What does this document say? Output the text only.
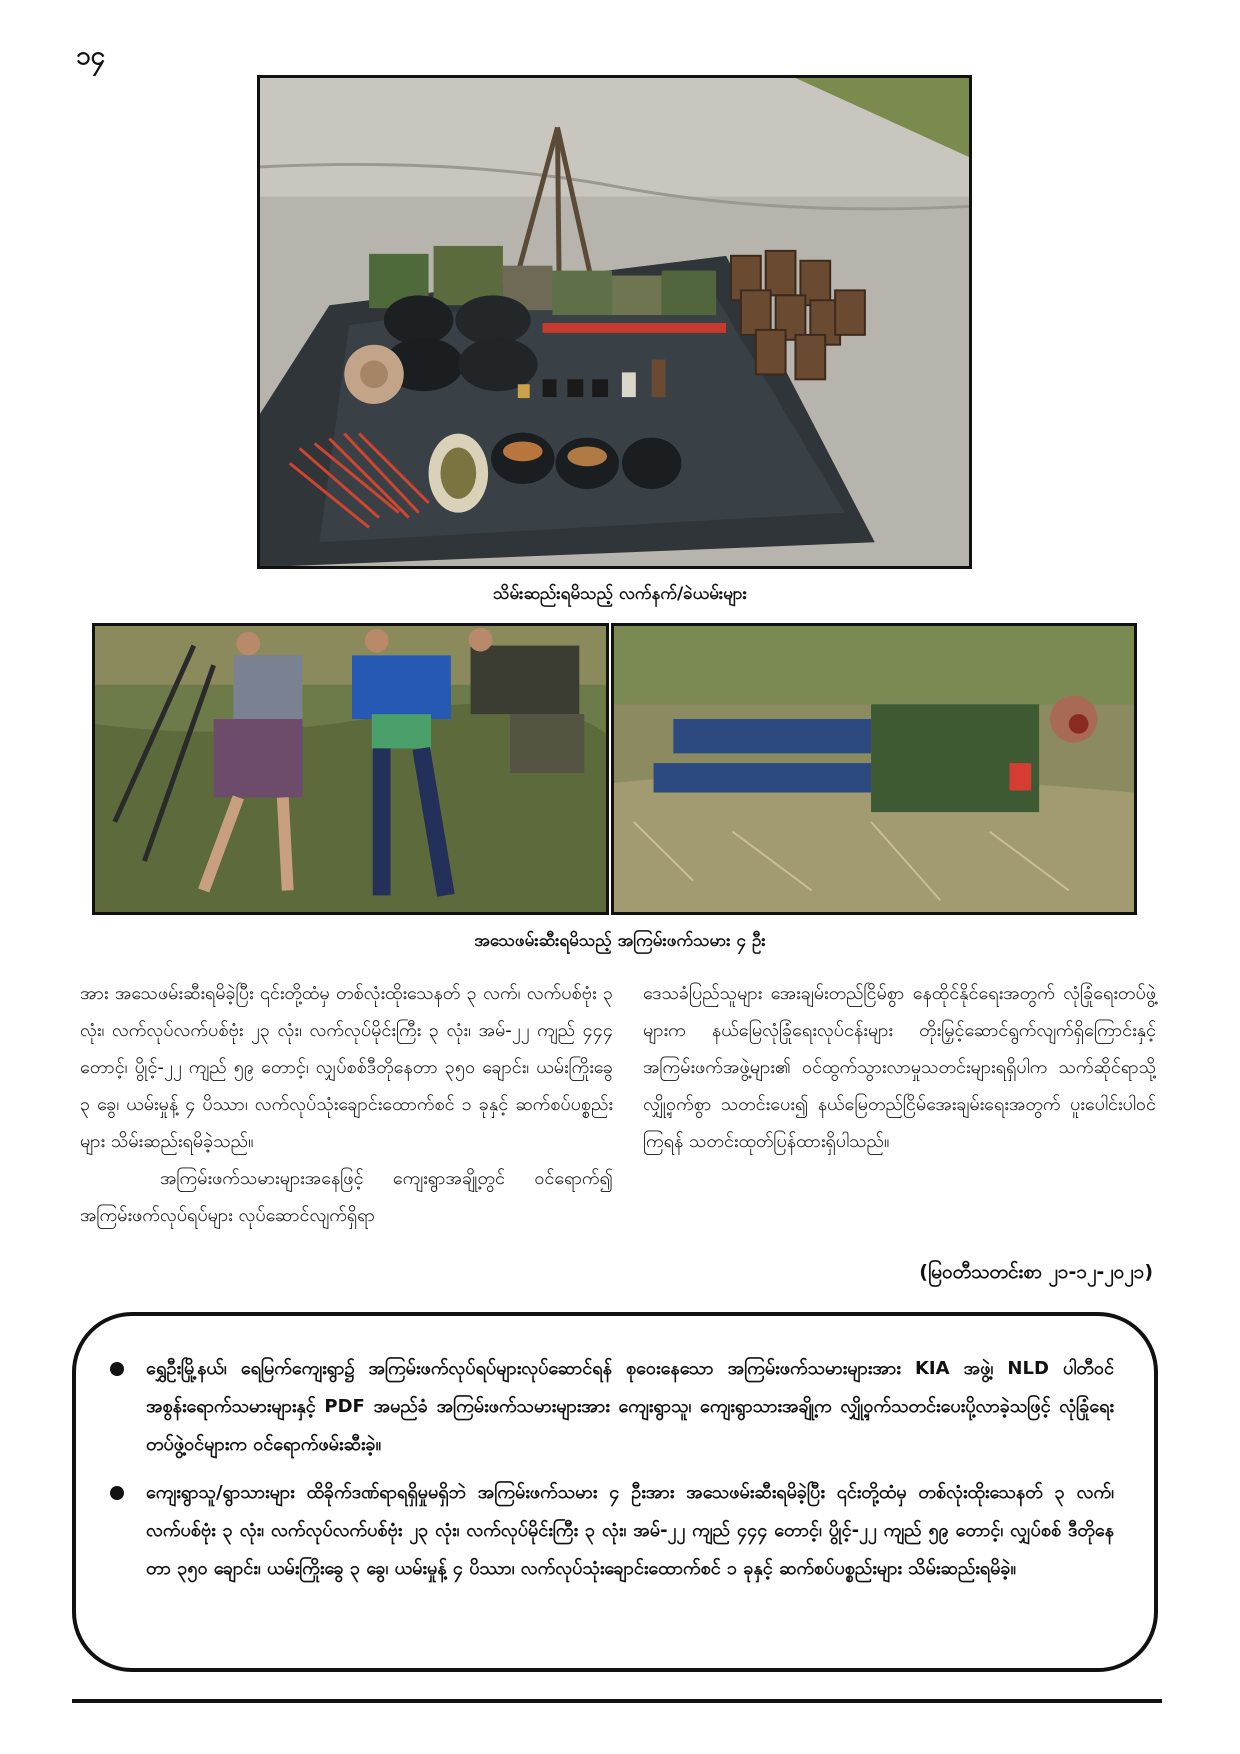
၁၄
သိမ်းဆည်းရမိသည့် လက်နက်/ခဲယမ်းများ
အသေဖမ်းဆီးရမိသည့် အကြမ်းဖက်သမား ၄ ဦး

အား အသေဖမ်းဆီးရမိခဲ့ပြီး ၎င်းတို့ထံမှ တစ်လုံးထိုးသေနတ် ၃ လက်၊ လက်ပစ်ဗုံး ၃ လုံး၊ လက်လုပ်လက်ပစ်ဗုံး ၂၃ လုံး၊ လက်လုပ်မိုင်းကြီး ၃ လုံး၊ အမ်-၂၂ ကျည် ၄၄၄ တောင့်၊ ပွိုင့်-၂၂ ကျည် ၅၉ တောင့်၊ လျှပ်စစ်ဒီတိုနေတာ ၃၅၀ ချောင်း၊ ယမ်းကြိုးခွေ ၃ ခွေ၊ ယမ်းမှုန့် ၄ ပိဿာ၊ လက်လုပ်သုံးချောင်းထောက်စင် ၁ ခုနှင့် ဆက်စပ်ပစ္စည်းများ သိမ်းဆည်းရမိခဲ့သည်။

အကြမ်းဖက်သမားများအနေဖြင့် ကျေးရွာအချို့တွင် ဝင်ရောက်၍ အကြမ်းဖက်လုပ်ရပ်များ လုပ်ဆောင်လျက်ရှိရာ

ဒေသခံပြည်သူများ အေးချမ်းတည်ငြိမ်စွာ နေထိုင်နိုင်ရေးအတွက် လုံခြုံရေးတပ်ဖွဲ့များက နယ်မြေလုံခြုံရေးလုပ်ငန်းများ တိုးမြှင့်ဆောင်ရွက်လျက်ရှိကြောင်းနှင့် အကြမ်းဖက်အဖွဲ့များ၏ ဝင်ထွက်သွားလာမှုသတင်းများရရှိပါက သက်ဆိုင်ရာသို့ လျှို့ဝှက်စွာ သတင်းပေး၍ နယ်မြေတည်ငြိမ်အေးချမ်းရေးအတွက် ပူးပေါင်းပါဝင်ကြရန် သတင်းထုတ်ပြန်ထားရှိပါသည်။

(မြဝတီသတင်းစာ ၂၁-၁၂-၂၀၂၁)
ရွှေဦးမြို့နယ်၊ ရေမြက်ကျေးရွာ၌ အကြမ်းဖက်လုပ်ရပ်များလုပ်ဆောင်ရန် စုဝေးနေသော အကြမ်းဖက်သမားများအား KIA အဖွဲ့၊ NLD ပါတီဝင် အစွန်းရောက်သမားများနှင့် PDF အမည်ခံ အကြမ်းဖက်သမားများအား ကျေးရွာသူ၊ ကျေးရွာသားအချို့က လျှို့ဝှက်သတင်းပေးပို့လာခဲ့သဖြင့် လုံခြုံရေးတပ်ဖွဲ့ဝင်များက ဝင်ရောက်ဖမ်းဆီးခဲ့။
ကျေးရွာသူ/ရွာသားများ ထိခိုက်ဒဏ်ရာရရှိမှုမရှိဘဲ အကြမ်းဖက်သမား ၄ ဦးအား အသေဖမ်းဆီးရမိခဲ့ပြီး ၎င်းတို့ထံမှ တစ်လုံးထိုးသေနတ် ၃ လက်၊ လက်ပစ်ဗုံး ၃ လုံး၊ လက်လုပ်လက်ပစ်ဗုံး ၂၃ လုံး၊ လက်လုပ်မိုင်းကြီး ၃ လုံး၊ အမ်-၂၂ ကျည် ၄၄၄ တောင့်၊ ပွိုင့်-၂၂ ကျည် ၅၉ တောင့်၊ လျှပ်စစ် ဒီတိုနေတာ ၃၅၀ ချောင်း၊ ယမ်းကြိုးခွေ ၃ ခွေ၊ ယမ်းမှုန့် ၄ ပိဿာ၊ လက်လုပ်သုံးချောင်းထောက်စင် ၁ ခုနှင့် ဆက်စပ်ပစ္စည်းများ သိမ်းဆည်းရမိခဲ့။
